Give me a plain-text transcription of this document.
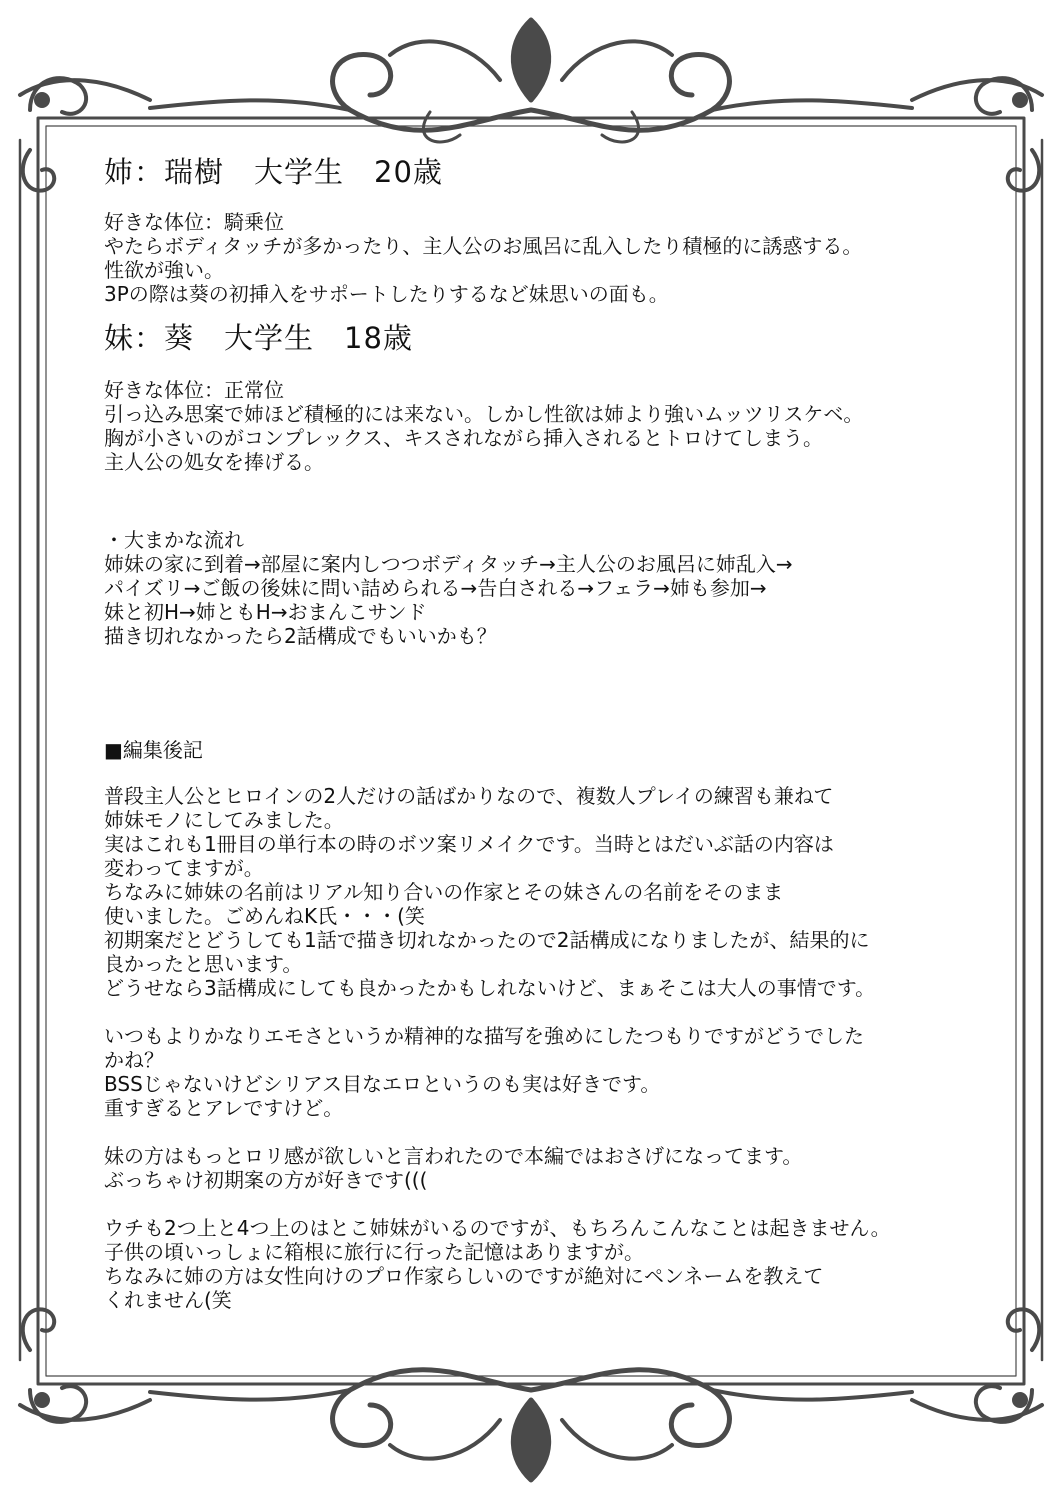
姉：瑞樹　大学生　20歳
好きな体位：騎乗位
やたらボディタッチが多かったり、主人公のお風呂に乱入したり積極的に誘惑する。
性欲が強い。
3Pの際は葵の初挿入をサポートしたりするなど妹思いの面も。
妹：葵　大学生　18歳
好きな体位：正常位
引っ込み思案で姉ほど積極的には来ない。しかし性欲は姉より強いムッツリスケベ。
胸が小さいのがコンプレックス、キスされながら挿入されるとトロけてしまう。
主人公の処女を捧げる。
・大まかな流れ
姉妹の家に到着→部屋に案内しつつボディタッチ→主人公のお風呂に姉乱入→
パイズリ→ご飯の後妹に問い詰められる→告白される→フェラ→姉も参加→
妹と初H→姉ともH→おまんこサンド
描き切れなかったら2話構成でもいいかも？
■編集後記
普段主人公とヒロインの2人だけの話ばかりなので、複数人プレイの練習も兼ねて
姉妹モノにしてみました。
実はこれも1冊目の単行本の時のボツ案リメイクです。当時とはだいぶ話の内容は
変わってますが。
ちなみに姉妹の名前はリアル知り合いの作家とその妹さんの名前をそのまま
使いました。ごめんねK氏・・・(笑
初期案だとどうしても1話で描き切れなかったので2話構成になりましたが、結果的に
良かったと思います。
どうせなら3話構成にしても良かったかもしれないけど、まぁそこは大人の事情です。
いつもよりかなりエモさというか精神的な描写を強めにしたつもりですがどうでした
かね？
BSSじゃないけどシリアス目なエロというのも実は好きです。
重すぎるとアレですけど。
妹の方はもっとロリ感が欲しいと言われたので本編ではおさげになってます。
ぶっちゃけ初期案の方が好きです(((
ウチも2つ上と4つ上のはとこ姉妹がいるのですが、もちろんこんなことは起きません。
子供の頃いっしょに箱根に旅行に行った記憶はありますが。
ちなみに姉の方は女性向けのプロ作家らしいのですが絶対にペンネームを教えて
くれません(笑
